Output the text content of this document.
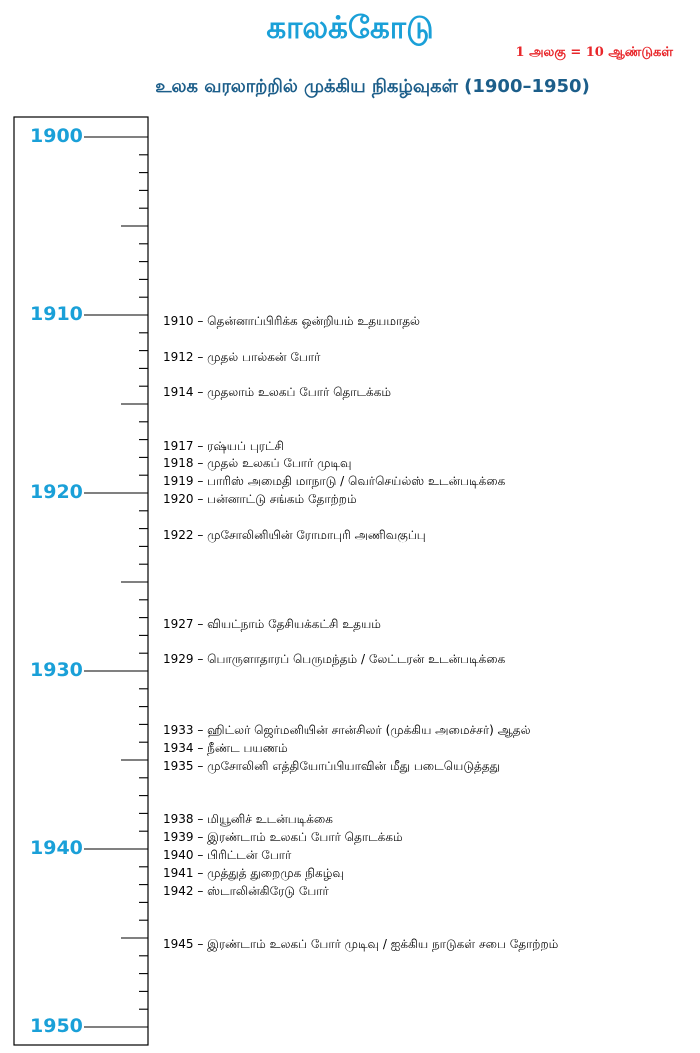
காலக்கோடு
1 அலகு = 10 ஆண்டுகள்
உலக வரலாற்றில் முக்கிய நிகழ்வுகள் (1900–1950)
1900
1910
1920
1930
1940
1950
1910 – தென்னாப்பிரிக்க ஒன்றியம் உதயமாதல்
1912 – முதல் பால்கன் போர்
1914 – முதலாம் உலகப் போர் தொடக்கம்
1917 – ரஷ்யப் புரட்சி
1918 – முதல் உலகப் போர் முடிவு
1919 – பாரிஸ் அமைதி மாநாடு / வெர்செய்ல்ஸ் உடன்படிக்கை
1920 – பன்னாட்டு சங்கம் தோற்றம்
1922 – முசோலினியின் ரோமாபுரி அணிவகுப்பு
1927 – வியட்நாம் தேசியக்கட்சி உதயம்
1929 – பொருளாதாரப் பெருமந்தம் / லேட்டரன் உடன்படிக்கை
1933 – ஹிட்லர் ஜெர்மனியின் சான்சிலர் (முக்கிய அமைச்சர்) ஆதல்
1934 – நீண்ட பயணம்
1935 – முசோலினி எத்தியோப்பியாவின் மீது படையெடுத்தது
1938 – மியூனிச் உடன்படிக்கை
1939 – இரண்டாம் உலகப் போர் தொடக்கம்
1940 – பிரிட்டன் போர்
1941 – முத்துத் துறைமுக நிகழ்வு
1942 – ஸ்டாலின்கிரேடு போர்
1945 – இரண்டாம் உலகப் போர் முடிவு / ஐக்கிய நாடுகள் சபை தோற்றம்
